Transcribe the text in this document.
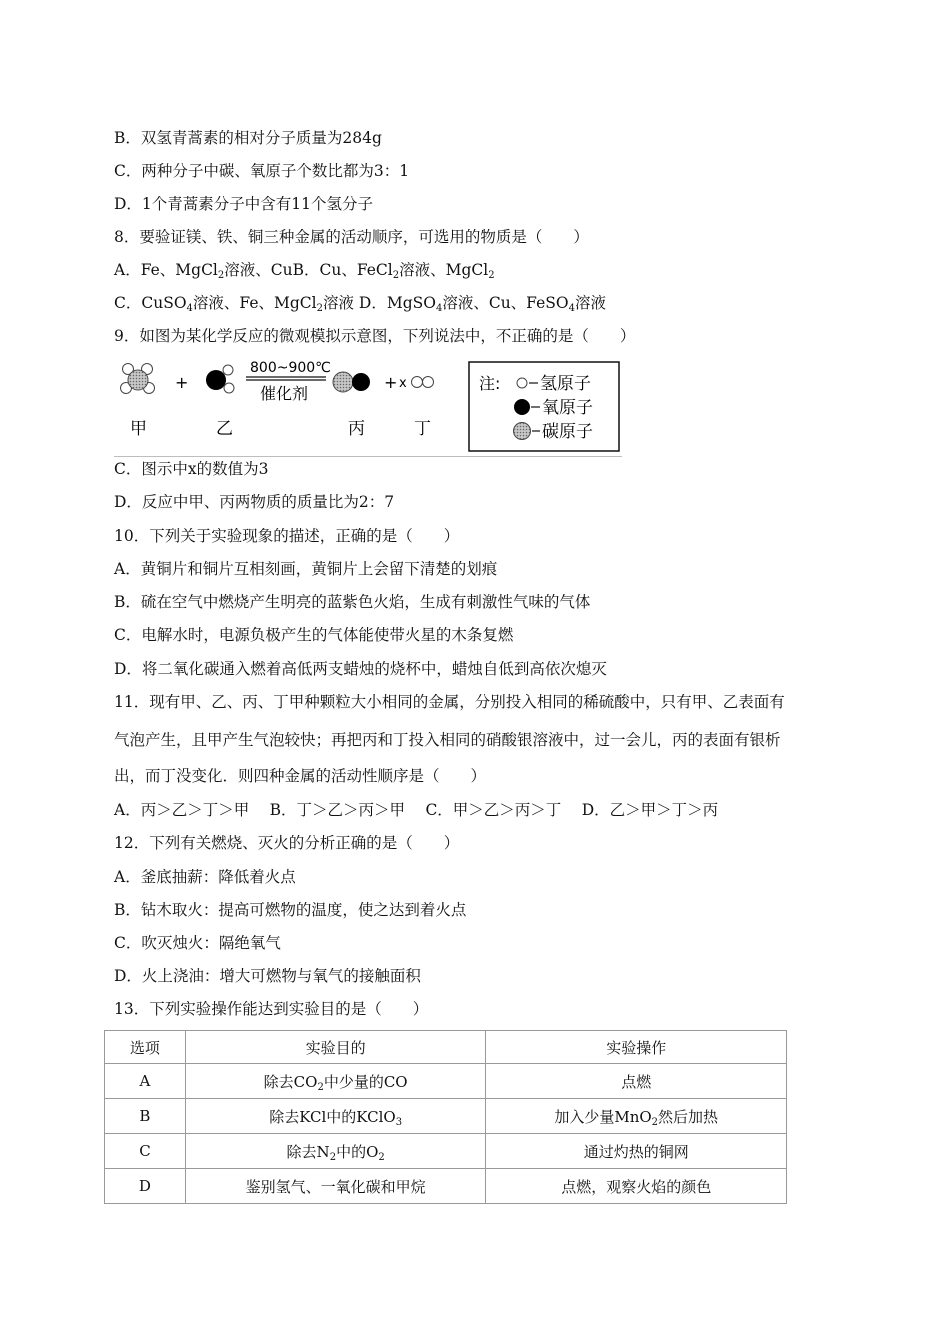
B．双氢青蒿素的相对分子质量为284g
C．两种分子中碳、氧原子个数比都为3：1
D．1个青蒿素分子中含有11个氢分子
8．要验证镁、铁、铜三种金属的活动顺序，可选用的物质是（　　）
A．Fe、MgCl$_2$溶液、CuB．Cu、FeCl$_2$溶液、MgCl$_2$
C．CuSO$_4$溶液、Fe、MgCl$_2$溶液 D．MgSO$_4$溶液、Cu、FeSO$_4$溶液
9．如图为某化学反应的微观模拟示意图，下列说法中，不正确的是（　　）
+
800~900℃
催化剂
+ x
甲	乙	丙	丁
注: 氢原子
氧原子
碳原子
C．图示中x的数值为3
D．反应中甲、丙两物质的质量比为2：7
10．下列关于实验现象的描述，正确的是（　　）
A．黄铜片和铜片互相刻画，黄铜片上会留下清楚的划痕
B．硫在空气中燃烧产生明亮的蓝紫色火焰，生成有刺激性气味的气体
C．电解水时，电源负极产生的气体能使带火星的木条复燃
D．将二氧化碳通入燃着高低两支蜡烛的烧杯中，蜡烛自低到高依次熄灭
11．现有甲、乙、丙、丁甲种颗粒大小相同的金属，分别投入相同的稀硫酸中，只有甲、乙表面有
气泡产生，且甲产生气泡较快；再把丙和丁投入相同的硝酸银溶液中，过一会儿，丙的表面有银析
出，而丁没变化．则四种金属的活动性顺序是（　　）
A．丙＞乙＞丁＞甲　 B．丁＞乙＞丙＞甲　 C．甲＞乙＞丙＞丁　 D．乙＞甲＞丁＞丙
12．下列有关燃烧、灭火的分析正确的是（　　）
A．釜底抽薪：降低着火点
B．钻木取火：提高可燃物的温度，使之达到着火点
C．吹灭烛火：隔绝氧气
D．火上浇油：增大可燃物与氧气的接触面积
13．下列实验操作能达到实验目的是（　　）
选项	实验目的	实验操作
A	除去$CO_2$中少量的CO	点燃
B	除去KCl中的KClO$_3$	加入少量MnO$_2$然后加热
C	除去$N_2$中的$O_2$	通过灼热的铜网
D	鉴别氢气、一氧化碳和甲烷	点燃，观察火焰的颜色
